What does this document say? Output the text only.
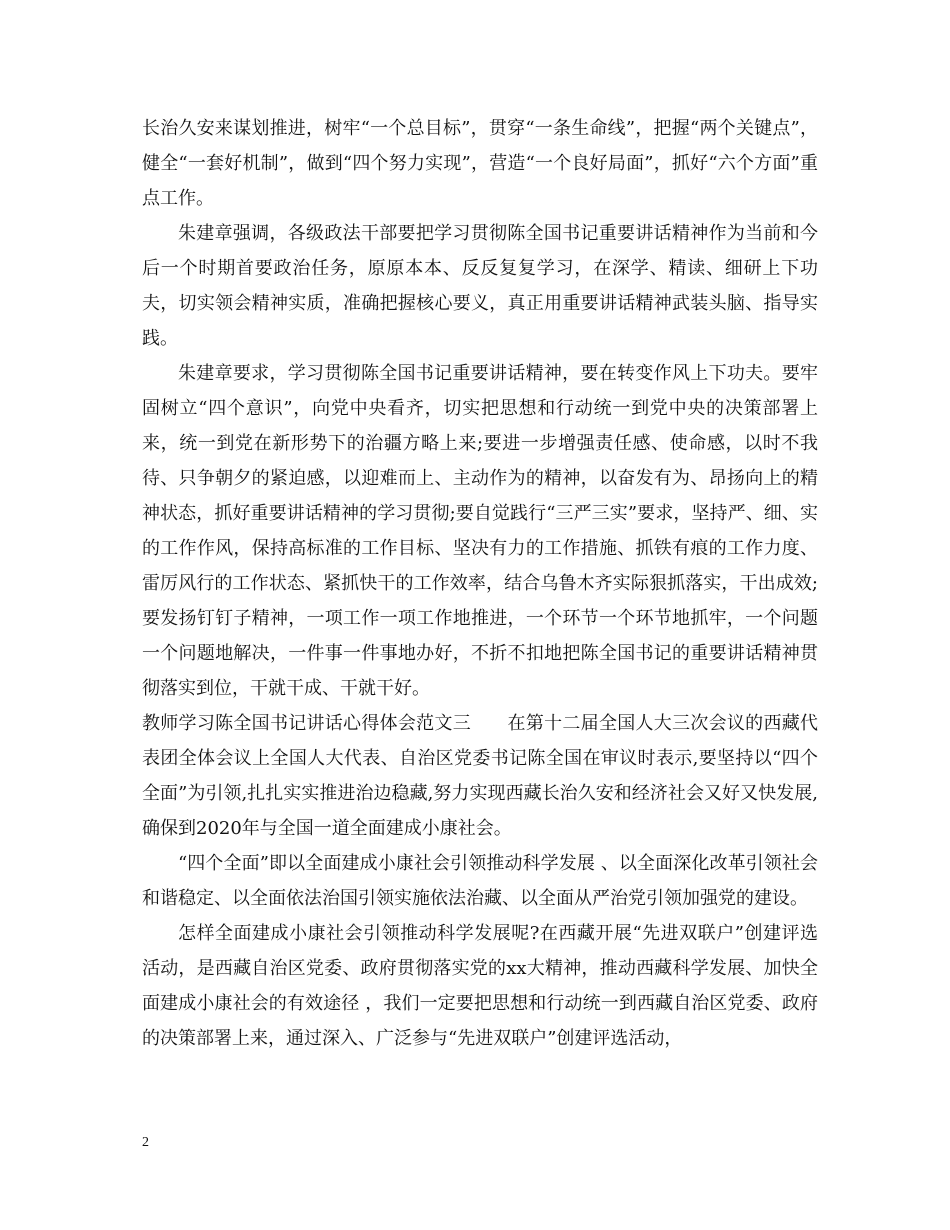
长治久安来谋划推进，树牢“一个总目标”，贯穿“一条生命线”，把握“两个关键点”，健全“一套好机制”，做到“四个努力实现”，营造“一个良好局面”，抓好“六个方面”重点工作。

朱建章强调，各级政法干部要把学习贯彻陈全国书记重要讲话精神作为当前和今后一个时期首要政治任务，原原本本、反反复复学习，在深学、精读、细研上下功夫，切实领会精神实质，准确把握核心要义，真正用重要讲话精神武装头脑、指导实践。

朱建章要求，学习贯彻陈全国书记重要讲话精神，要在转变作风上下功夫。要牢固树立“四个意识”，向党中央看齐，切实把思想和行动统一到党中央的决策部署上来，统一到党在新形势下的治疆方略上来;要进一步增强责任感、使命感，以时不我待、只争朝夕的紧迫感，以迎难而上、主动作为的精神，以奋发有为、昂扬向上的精神状态，抓好重要讲话精神的学习贯彻;要自觉践行“三严三实”要求，坚持严、细、实的工作作风，保持高标准的工作目标、坚决有力的工作措施、抓铁有痕的工作力度、雷厉风行的工作状态、紧抓快干的工作效率，结合乌鲁木齐实际狠抓落实，干出成效;要发扬钉钉子精神，一项工作一项工作地推进，一个环节一个环节地抓牢，一个问题一个问题地解决，一件事一件事地办好，不折不扣地把陈全国书记的重要讲话精神贯彻落实到位，干就干成、干就干好。

教师学习陈全国书记讲话心得体会范文三　　在第十二届全国人大三次会议的西藏代表团全体会议上全国人大代表、自治区党委书记陈全国在审议时表示,要坚持以“四个全面”为引领,扎扎实实推进治边稳藏,努力实现西藏长治久安和经济社会又好又快发展,确保到2020年与全国一道全面建成小康社会。

“四个全面”即以全面建成小康社会引领推动科学发展 、以全面深化改革引领社会和谐稳定、以全面依法治国引领实施依法治藏、以全面从严治党引领加强党的建设。

怎样全面建成小康社会引领推动科学发展呢?在西藏开展“先进双联户”创建评选活动，是西藏自治区党委、政府贯彻落实党的xx大精神，推动西藏科学发展、加快全面建成小康社会的有效途径 ，我们一定要把思想和行动统一到西藏自治区党委、政府的决策部署上来，通过深入、广泛参与“先进双联户”创建评选活动，

2
